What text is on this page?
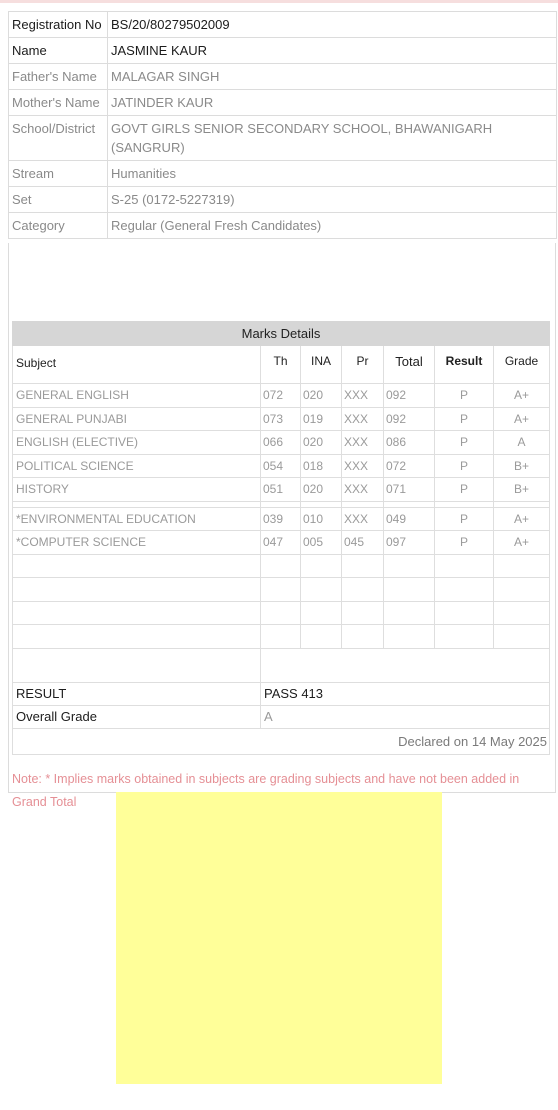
Registration No	BS/20/80279502009
Name	JASMINE KAUR
Father's Name	MALAGAR SINGH
Mother's Name	JATINDER KAUR
School/District	GOVT GIRLS SENIOR SECONDARY SCHOOL, BHAWANIGARH (SANGRUR)
Stream	Humanities
Set	S-25 (0172-5227319)
Category	Regular (General Fresh Candidates)
Marks Details						
Subject	Th	INA	Pr	Total	Result	Grade
GENERAL ENGLISH	072	020	XXX	092	P	A+
GENERAL PUNJABI	073	019	XXX	092	P	A+
ENGLISH (ELECTIVE)	066	020	XXX	086	P	A
POLITICAL SCIENCE	054	018	XXX	072	P	B+
HISTORY	051	020	XXX	071	P	B+

*ENVIRONMENTAL EDUCATION	039	010	XXX	049	P	A+
*COMPUTER SCIENCE	047	005	045	097	P	A+

RESULT	PASS 413					
Overall Grade	A					
Declared on 14 May 2025						
Note: * Implies marks obtained in subjects are grading subjects and have not been added in Grand Total
